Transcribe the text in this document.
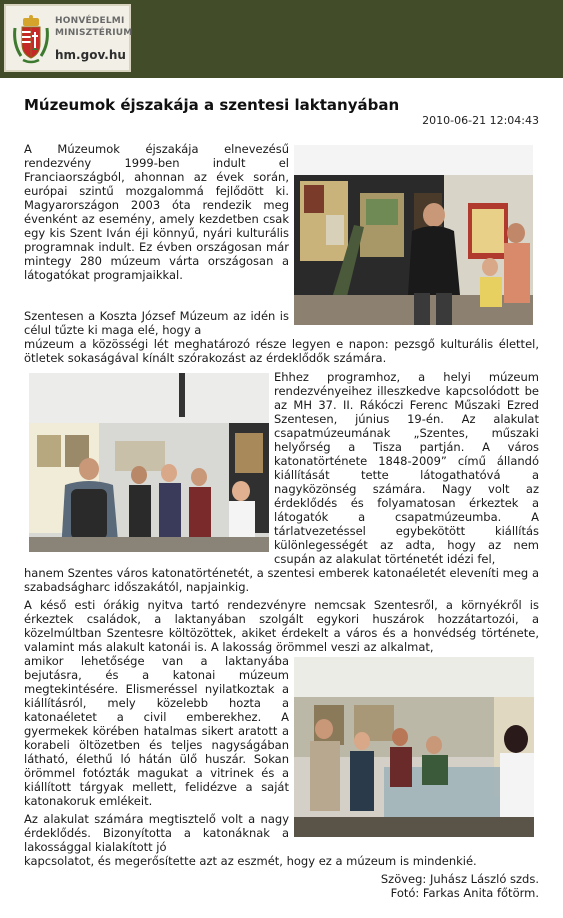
HONVÉDELMI
MINISZTÉRIUM
hm.gov.hu
Múzeumok éjszakája a szentesi laktanyában
2010-06-21 12:04:43

A Múzeumok éjszakája elnevezésű rendezvény 1999-ben indult el Franciaországból, ahonnan az évek során, európai szintű mozgalommá fejlődött ki. Magyarországon 2003 óta rendezik meg évenként az esemény, amely kezdetben csak egy kis Szent Iván éji könnyű, nyári kulturális programnak indult. Ez évben országosan már mintegy 280 múzeum várta országosan a látogatókat programjaikkal.

Szentesen a Koszta József Múzeum az idén is célul tűzte ki maga elé, hogy a

múzeum a közösségi lét meghatározó része legyen e napon: pezsgő kulturális élettel, ötletek sokaságával kínált szórakozást az érdeklődők számára.

Ehhez programhoz, a helyi múzeum rendezvényeihez illeszkedve kapcsolódott be az MH 37. II. Rákóczi Ferenc Műszaki Ezred Szentesen, június 19-én. Az alakulat csapatmúzeumának „Szentes, műszaki helyőrség a Tisza partján. A város katonatörténete 1848-2009” című állandó kiállítását tette látogathatóvá a nagyközönség számára. Nagy volt az érdeklődés és folyamatosan érkeztek a látogatók a csapatmúzeumba. A tárlatvezetéssel egybekötött kiállítás különlegességét az adta, hogy az nem csupán az alakulat történetét idézi fel,

hanem Szentes város katonatörténetét, a szentesi emberek katonaéletét eleveníti meg a szabadságharc időszakától, napjainkig.

A késő esti órákig nyitva tartó rendezvényre nemcsak Szentesről, a környékről is érkeztek családok, a laktanyában szolgált egykori huszárok hozzátartozói, a közelmúltban Szentesre költözöttek, akiket érdekelt a város és a honvédség története, valamint más alakult katonái is. A lakosság örömmel veszi az alkalmat,

amikor lehetősége van a laktanyába bejutásra, és a katonai múzeum megtekintésére. Elismeréssel nyilatkoztak a kiállításról, mely közelebb hozta a katonaéletet a civil emberekhez. A gyermekek körében hatalmas sikert aratott a korabeli öltözetben és teljes nagyságában látható, élethű ló hátán ülő huszár. Sokan örömmel fotózták magukat a vitrinek és a kiállított tárgyak mellett, felidézve a saját katonakoruk emlékeit.

Az alakulat számára megtisztelő volt a nagy érdeklődés. Bizonyította a katonáknak a lakossággal kialakított jó

kapcsolatot, és megerősítette azt az eszmét, hogy ez a múzeum is mindenkié.

Szöveg: Juhász László szds.
Fotó: Farkas Anita főtörm.
